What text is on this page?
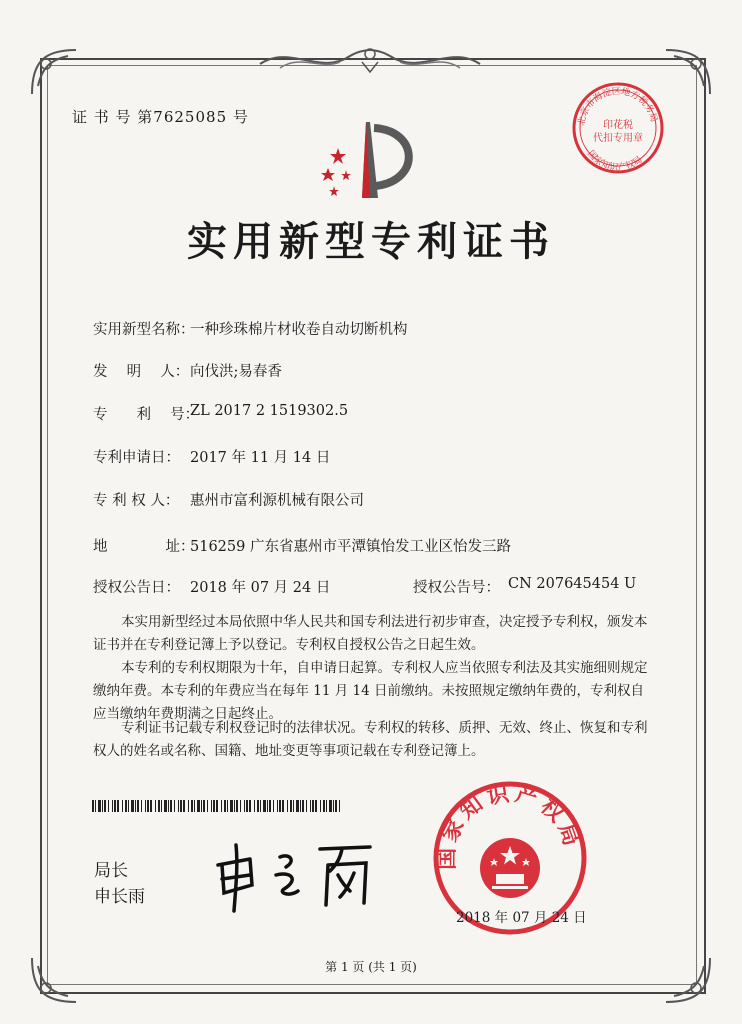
证 书 号 第7625085 号	北京市海淀区地方税务局
国家知识产权局
印花税
代扣专用章
实用新型专利证书
实用新型名称：
一种珍珠棉片材收卷自动切断机构
发　 明　 人： 向伐洪;易春香
专　　利　 号：
ZL 2017 2 1519302.5
专利申请日： 2017 年 11 月 14 日
专 利 权 人： 惠州市富利源机械有限公司
地　　　　址：
516259 广东省惠州市平潭镇怡发工业区怡发三路
授权公告日： 2018 年 07 月 24 日	授权公告号： CN 207645454 U

本实用新型经过本局依照中华人民共和国专利法进行初步审查，决定授予专利权，颁发本证书并在专利登记簿上予以登记。专利权自授权公告之日起生效。

本专利的专利权期限为十年，自申请日起算。专利权人应当依照专利法及其实施细则规定缴纳年费。本专利的年费应当在每年 11 月 14 日前缴纳。未按照规定缴纳年费的，专利权自应当缴纳年费期满之日起终止。

专利证书记载专利权登记时的法律状况。专利权的转移、质押、无效、终止、恢复和专利权人的姓名或名称、国籍、地址变更等事项记载在专利登记簿上。

局长
申长雨
国家知识产权局
2018 年 07 月 24 日
第 1 页 (共 1 页)
